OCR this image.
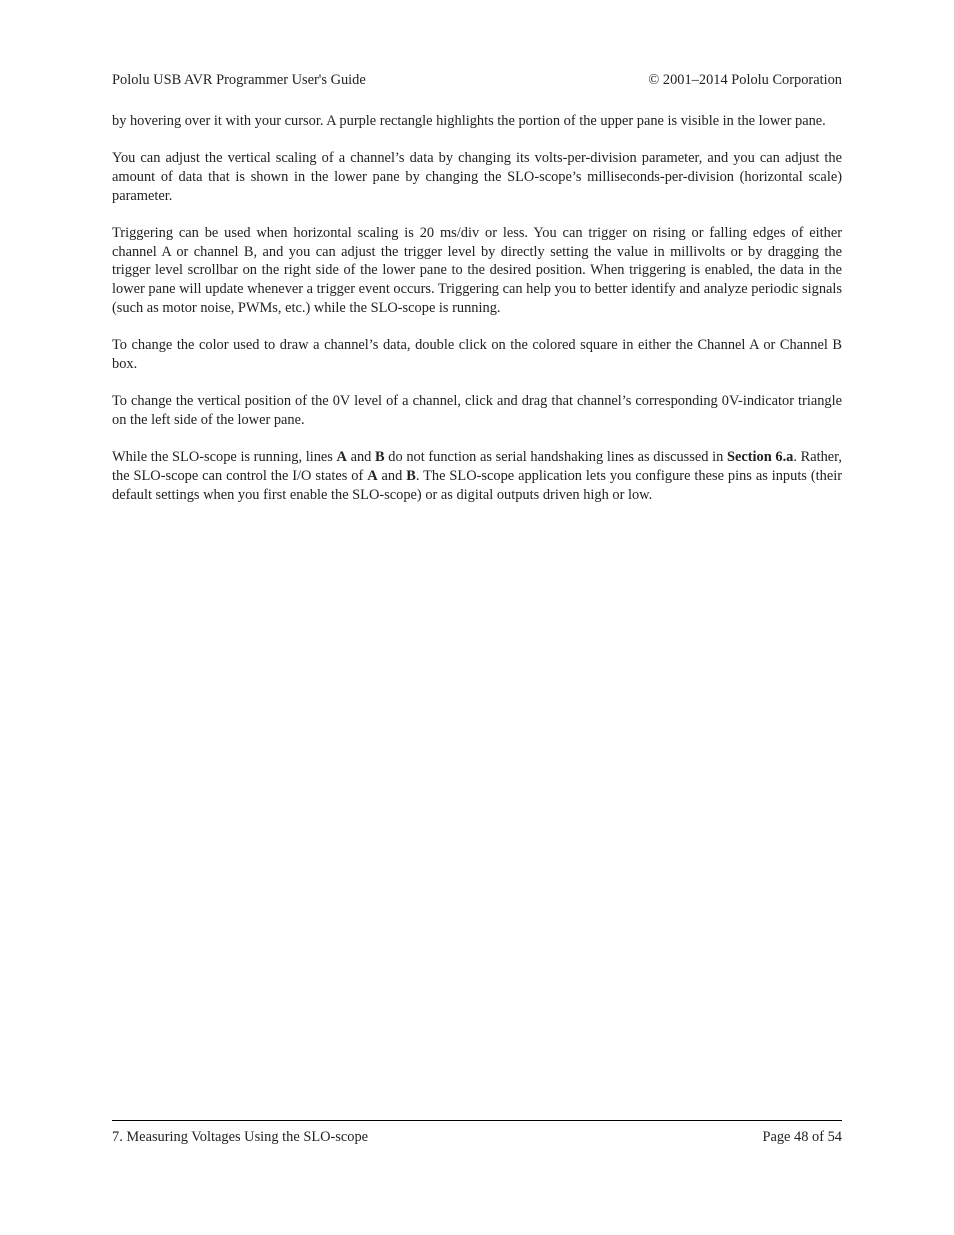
Pololu USB AVR Programmer User's Guide	© 2001–2014 Pololu Corporation

by hovering over it with your cursor. A purple rectangle highlights the portion of the upper pane is visible in the lower pane.

You can adjust the vertical scaling of a channel’s data by changing its volts-per-division parameter, and you can adjust the amount of data that is shown in the lower pane by changing the SLO-scope’s milliseconds-per-division (horizontal scale) parameter.

Triggering can be used when horizontal scaling is 20 ms/div or less. You can trigger on rising or falling edges of either channel A or channel B, and you can adjust the trigger level by directly setting the value in millivolts or by dragging the trigger level scrollbar on the right side of the lower pane to the desired position. When triggering is enabled, the data in the lower pane will update whenever a trigger event occurs. Triggering can help you to better identify and analyze periodic signals (such as motor noise, PWMs, etc.) while the SLO-scope is running.

To change the color used to draw a channel’s data, double click on the colored square in either the Channel A or Channel B box.

To change the vertical position of the 0V level of a channel, click and drag that channel’s corresponding 0V-indicator triangle on the left side of the lower pane.

While the SLO-scope is running, lines A and B do not function as serial handshaking lines as discussed in Section 6.a. Rather, the SLO-scope can control the I/O states of A and B. The SLO-scope application lets you configure these pins as inputs (their default settings when you first enable the SLO-scope) or as digital outputs driven high or low.

7. Measuring Voltages Using the SLO-scope	Page 48 of 54
